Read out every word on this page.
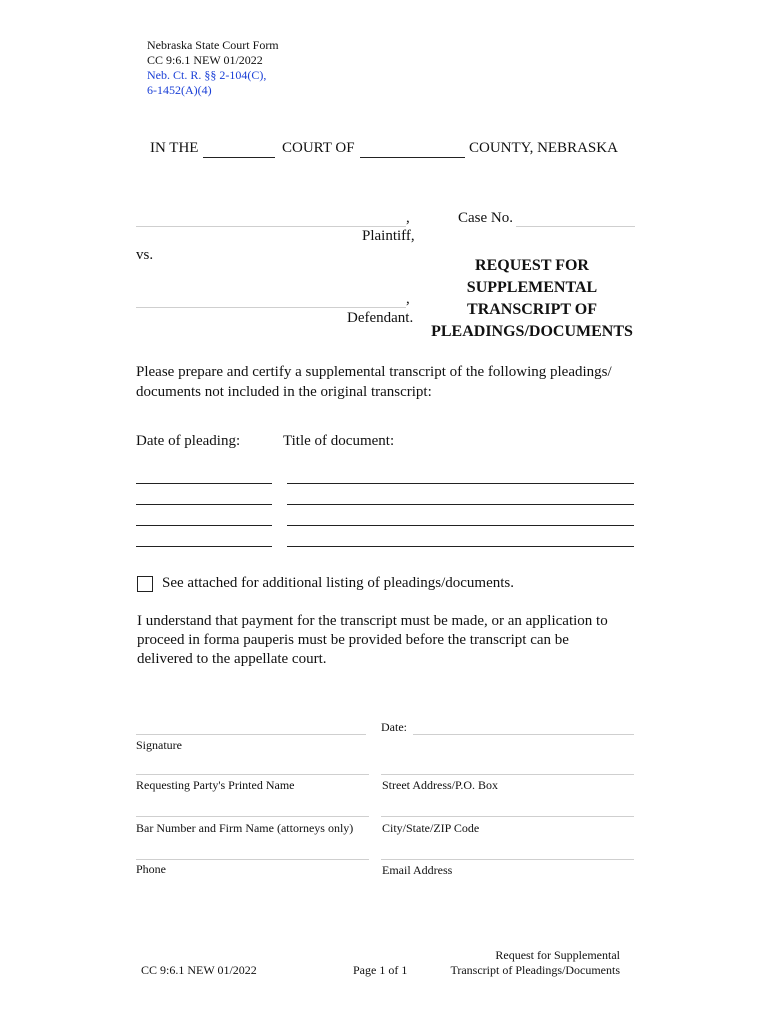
Nebraska State Court Form
CC 9:6.1 NEW 01/2022
Neb. Ct. R. §§ 2-104(C),
6-1452(A)(4)
IN THE	COURT OF	COUNTY, NEBRASKA
,
Plaintiff,
vs.
,
Defendant.
Case No.
REQUEST FOR
SUPPLEMENTAL
TRANSCRIPT OF
PLEADINGS/DOCUMENTS
Please prepare and certify a supplemental transcript of the following pleadings/
documents not included in the original transcript:
Date of pleading:	Title of document:
See attached for additional listing of pleadings/documents.
I understand that payment for the transcript must be made, or an application to
proceed in forma pauperis must be provided before the transcript can be
delivered to the appellate court.
Date:
Signature
Requesting Party's Printed Name	Street Address/P.O. Box
Bar Number and Firm Name (attorneys only) City/State/ZIP Code
Phone	Email Address
CC 9:6.1 NEW 01/2022	Page 1 of 1
Request for Supplemental
Transcript of Pleadings/Documents
